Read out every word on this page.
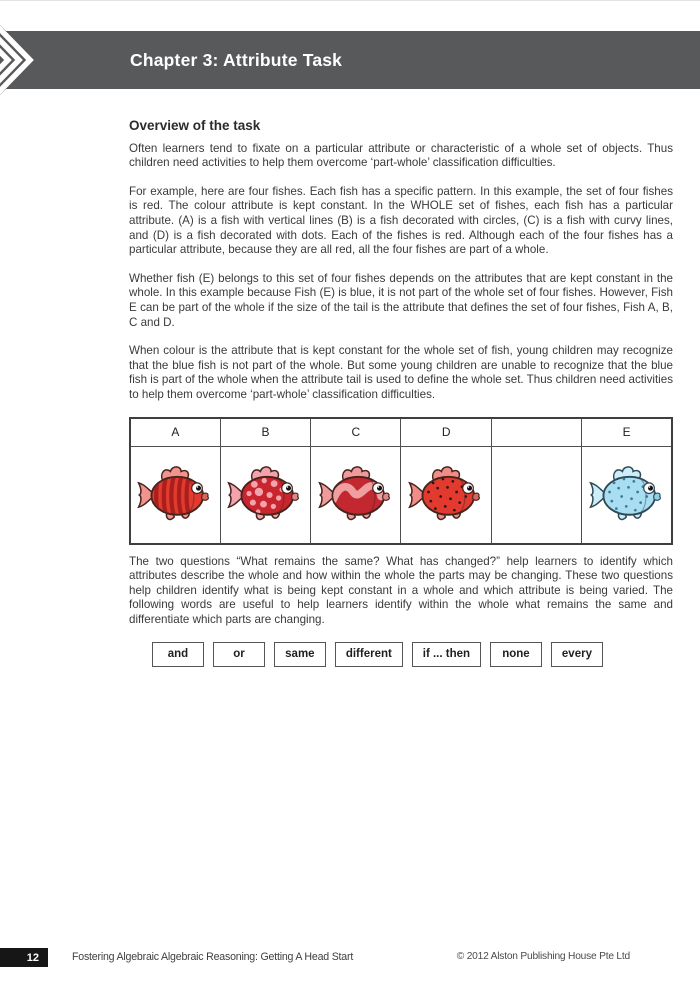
Chapter 3: Attribute Task
Overview of the task

Often learners tend to fixate on a particular attribute or characteristic of a whole set of objects. Thus children need activities to help them overcome ‘part-whole’ classification difficulties.

For example, here are four fishes. Each fish has a specific pattern. In this example, the set of four fishes is red. The colour attribute is kept constant. In the WHOLE set of fishes, each fish has a particular attribute. (A) is a fish with vertical lines (B) is a fish decorated with circles, (C) is a fish with curvy lines, and (D) is a fish decorated with dots. Each of the fishes is red. Although each of the four fishes has a particular attribute, because they are all red, all the four fishes are part of a whole.

Whether fish (E) belongs to this set of four fishes depends on the attributes that are kept constant in the whole. In this example because Fish (E) is blue, it is not part of the whole set of four fishes. However, Fish E can be part of the whole if the size of the tail is the attribute that defines the set of four fishes, Fish A, B, C and D.

When colour is the attribute that is kept constant for the whole set of fish, young children may recognize that the blue fish is not part of the whole. But some young children are unable to recognize that the blue fish is part of the whole when the attribute tail is used to define the whole set. Thus children need activities to help them overcome ‘part-whole’ classification difficulties.

A	B	C	D		E

The two questions “What remains the same? What has changed?” help learners to identify which attributes describe the whole and how within the whole the parts may be changing. These two questions help children identify what is being kept constant in a whole and which attribute is being varied. The following words are useful to help learners identify within the whole what remains the same and differentiate which parts are changing.

and	or	same	different	if ... then	none	every
12	Fostering Algebraic Algebraic Reasoning: Getting A Head Start	© 2012 Alston Publishing House Pte Ltd
